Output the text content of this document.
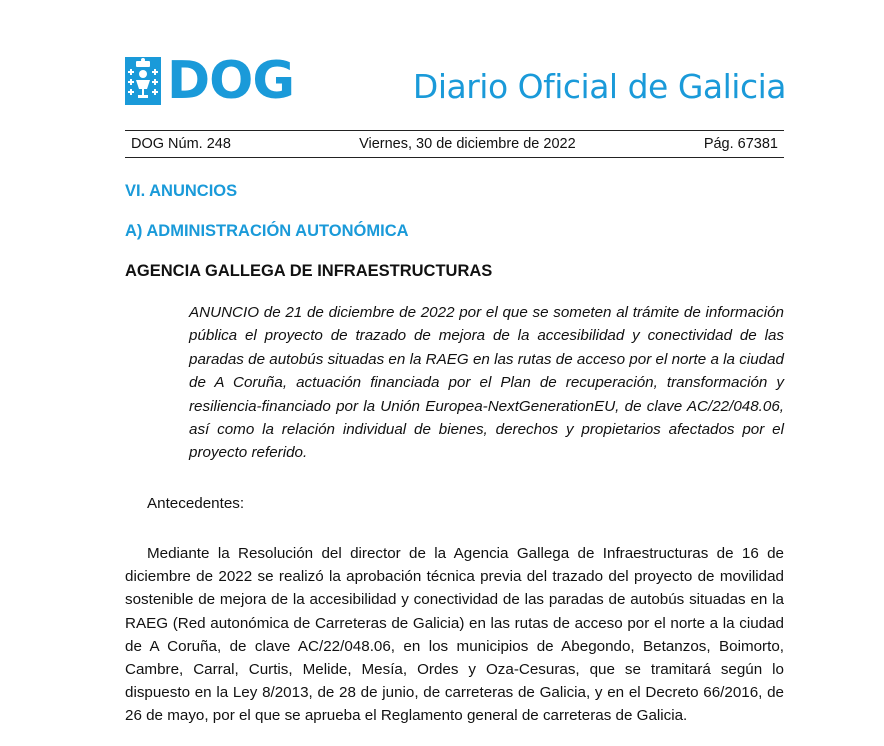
DOG	Diario Oficial de Galicia
DOG Núm. 248	Viernes, 30 de diciembre de 2022	Pág. 67381
VI. ANUNCIOS
A) ADMINISTRACIÓN AUTONÓMICA
AGENCIA GALLEGA DE INFRAESTRUCTURAS
ANUNCIO de 21 de diciembre de 2022 por el que se someten al trámite de información pública el proyecto de trazado de mejora de la accesibilidad y conectividad de las paradas de autobús situadas en la RAEG en las rutas de acceso por el norte a la ciudad de A Coruña, actuación financiada por el Plan de recuperación, transformación y resiliencia-financiado por la Unión Europea-NextGenerationEU, de clave AC/22/048.06, así como la relación individual de bienes, derechos y propietarios afectados por el proyecto referido.
Antecedentes:
Mediante la Resolución del director de la Agencia Gallega de Infraestructuras de 16 de diciembre de 2022 se realizó la aprobación técnica previa del trazado del proyecto de movilidad sostenible de mejora de la accesibilidad y conectividad de las paradas de autobús situadas en la RAEG (Red autonómica de Carreteras de Galicia) en las rutas de acceso por el norte a la ciudad de A Coruña, de clave AC/22/048.06, en los municipios de Abegondo, Betanzos, Boimorto, Cambre, Carral, Curtis, Melide, Mesía, Ordes y Oza-Cesuras, que se tramitará según lo dispuesto en la Ley 8/2013, de 28 de junio, de carreteras de Galicia, y en el Decreto 66/2016, de 26 de mayo, por el que se aprueba el Reglamento general de carreteras de Galicia.
